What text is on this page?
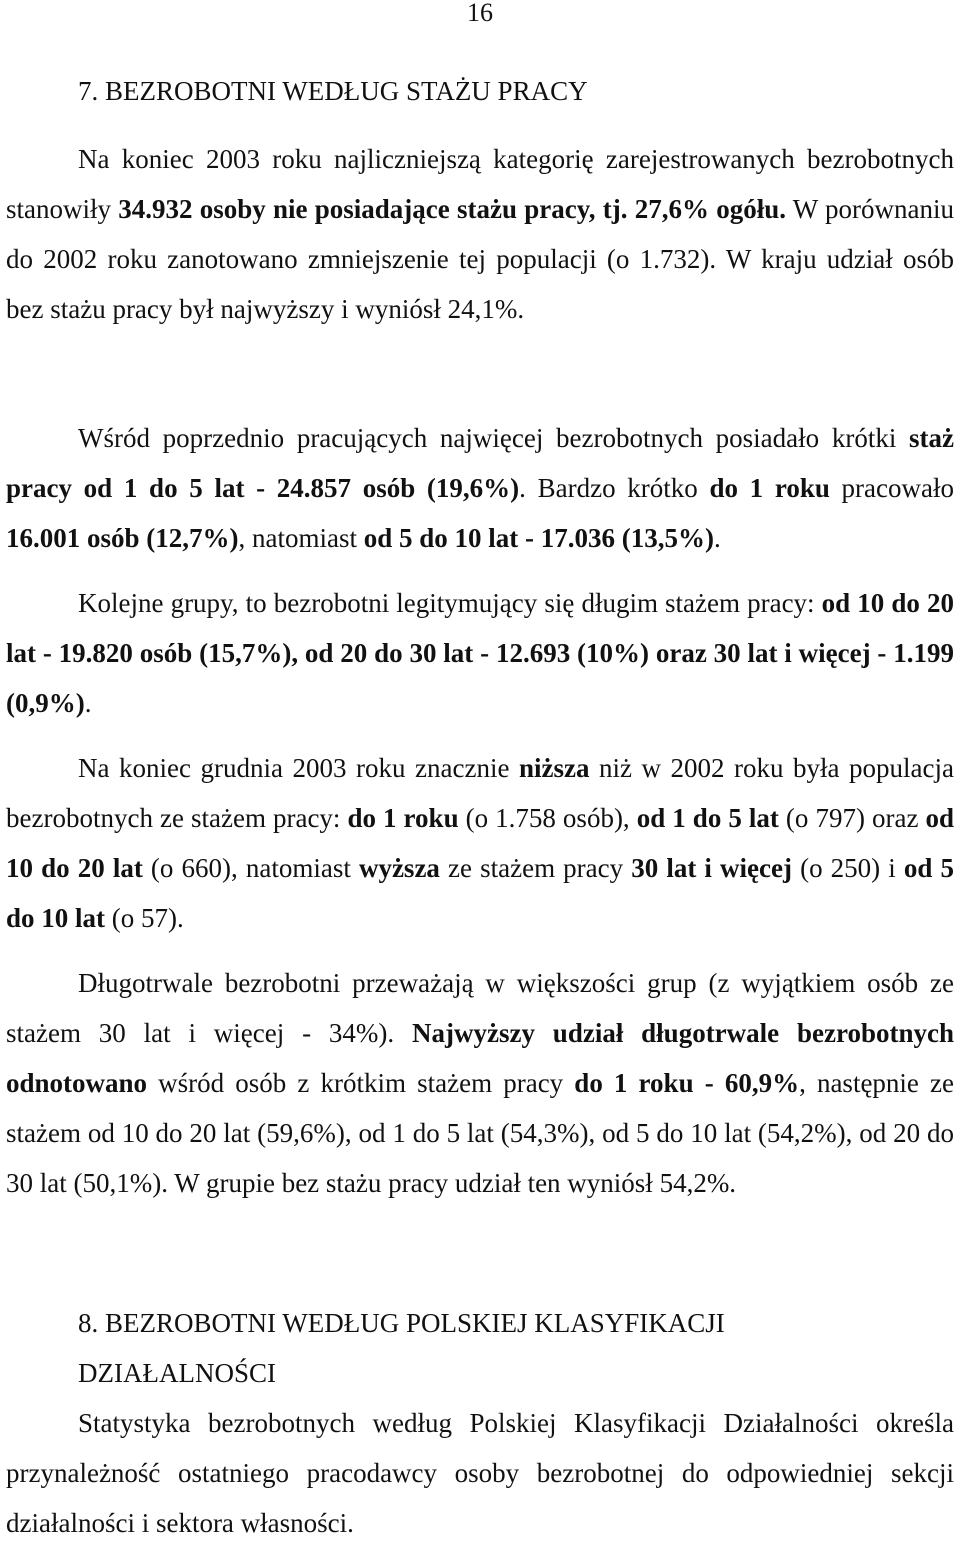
16
7. BEZROBOTNI WEDŁUG STAŻU PRACY

Na koniec 2003 roku najliczniejszą kategorię zarejestrowanych bezrobotnych stanowiły 34.932 osoby nie posiadające stażu pracy, tj. 27,6% ogółu. W porównaniu do 2002 roku zanotowano zmniejszenie tej populacji (o 1.732). W kraju udział osób bez stażu pracy był najwyższy i wyniósł 24,1%.

Wśród poprzednio pracujących najwięcej bezrobotnych posiadało krótki staż pracy od 1 do 5 lat - 24.857 osób (19,6%). Bardzo krótko do 1 roku pracowało 16.001 osób (12,7%), natomiast od 5 do 10 lat - 17.036 (13,5%).

Kolejne grupy, to bezrobotni legitymujący się długim stażem pracy: od 10 do 20 lat - 19.820 osób (15,7%), od 20 do 30 lat - 12.693 (10%) oraz 30 lat i więcej - 1.199 (0,9%).

Na koniec grudnia 2003 roku znacznie niższa niż w 2002 roku była populacja bezrobotnych ze stażem pracy: do 1 roku (o 1.758 osób), od 1 do 5 lat (o 797) oraz od 10 do 20 lat (o 660), natomiast wyższa ze stażem pracy 30 lat i więcej (o 250) i od 5 do 10 lat (o 57).

Długotrwale bezrobotni przeważają w większości grup (z wyjątkiem osób ze stażem 30 lat i więcej - 34%). Najwyższy udział długotrwale bezrobotnych odnotowano wśród osób z krótkim stażem pracy do 1 roku - 60,9%, następnie ze stażem od 10 do 20 lat (59,6%), od 1 do 5 lat (54,3%), od 5 do 10 lat (54,2%), od 20 do 30 lat (50,1%). W grupie bez stażu pracy udział ten wyniósł 54,2%.

8. BEZROBOTNI WEDŁUG POLSKIEJ KLASYFIKACJI DZIAŁALNOŚCI

Statystyka bezrobotnych według Polskiej Klasyfikacji Działalności określa przynależność ostatniego pracodawcy osoby bezrobotnej do odpowiedniej sekcji działalności i sektora własności.
